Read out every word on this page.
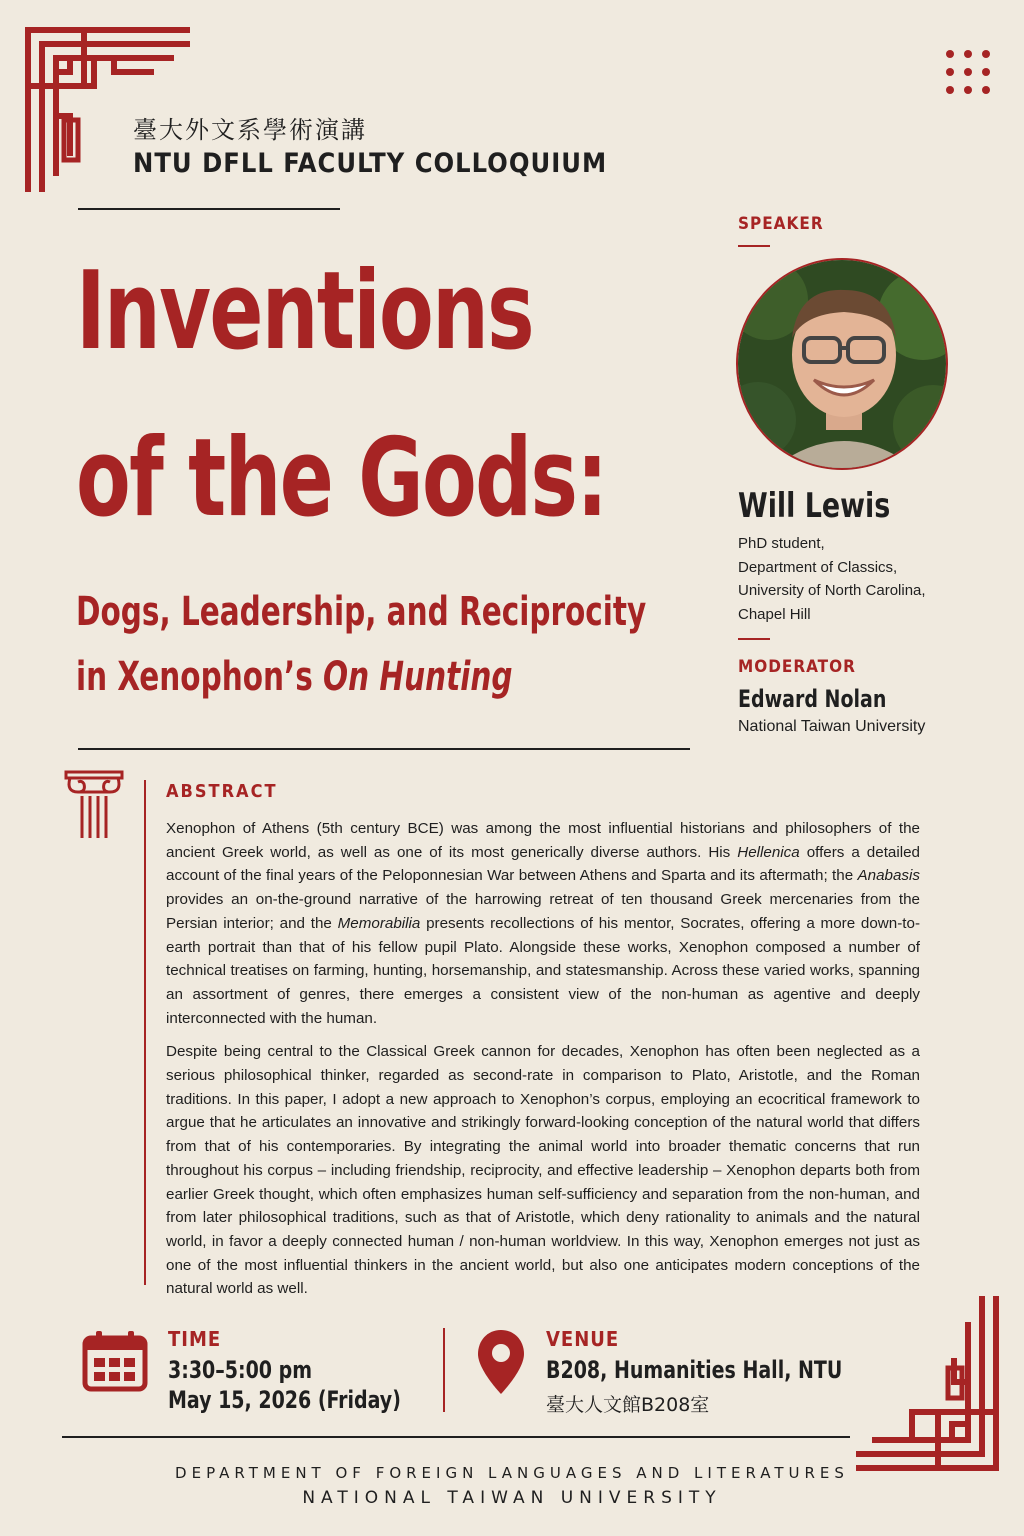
臺大外文系學術演講
NTU DFLL FACULTY COLLOQUIUM
Inventions
of the Gods:
Dogs, Leadership, and Reciprocity
in Xenophon’s On Hunting
SPEAKER
Will Lewis
PhD student,
Department of Classics,
University of North Carolina,
Chapel Hill
MODERATOR
Edward Nolan
National Taiwan University
ABSTRACT

Xenophon of Athens (5th century BCE) was among the most influential historians and philosophers of the ancient Greek world, as well as one of its most generically diverse authors. His Hellenica offers a detailed account of the final years of the Peloponnesian War between Athens and Sparta and its aftermath; the Anabasis provides an on-the-ground narrative of the harrowing retreat of ten thousand Greek mercenaries from the Persian interior; and the Memorabilia presents recollections of his mentor, Socrates, offering a more down-to-earth portrait than that of his fellow pupil Plato. Alongside these works, Xenophon composed a number of technical treatises on farming, hunting, horsemanship, and statesmanship. Across these varied works, spanning an assortment of genres, there emerges a consistent view of the non-human as agentive and deeply interconnected with the human.

Despite being central to the Classical Greek cannon for decades, Xenophon has often been neglected as a serious philosophical thinker, regarded as second-rate in comparison to Plato, Aristotle, and the Roman traditions. In this paper, I adopt a new approach to Xenophon’s corpus, employing an ecocritical framework to argue that he articulates an innovative and strikingly forward-looking conception of the natural world that differs from that of his contemporaries. By integrating the animal world into broader thematic concerns that run throughout his corpus – including friendship, reciprocity, and effective leadership – Xenophon departs both from earlier Greek thought, which often emphasizes human self-sufficiency and separation from the non-human, and from later philosophical traditions, such as that of Aristotle, which deny rationality to animals and the natural world, in favor a deeply connected human / non-human worldview. In this way, Xenophon emerges not just as one of the most influential thinkers in the ancient world, but also one anticipates modern conceptions of the natural world as well.

TIME
3:30–5:00 pm
May 15, 2026 (Friday)
VENUE
B208, Humanities Hall, NTU
臺大人文館B208室
DEPARTMENT OF FOREIGN LANGUAGES AND LITERATURES
NATIONAL TAIWAN UNIVERSITY
